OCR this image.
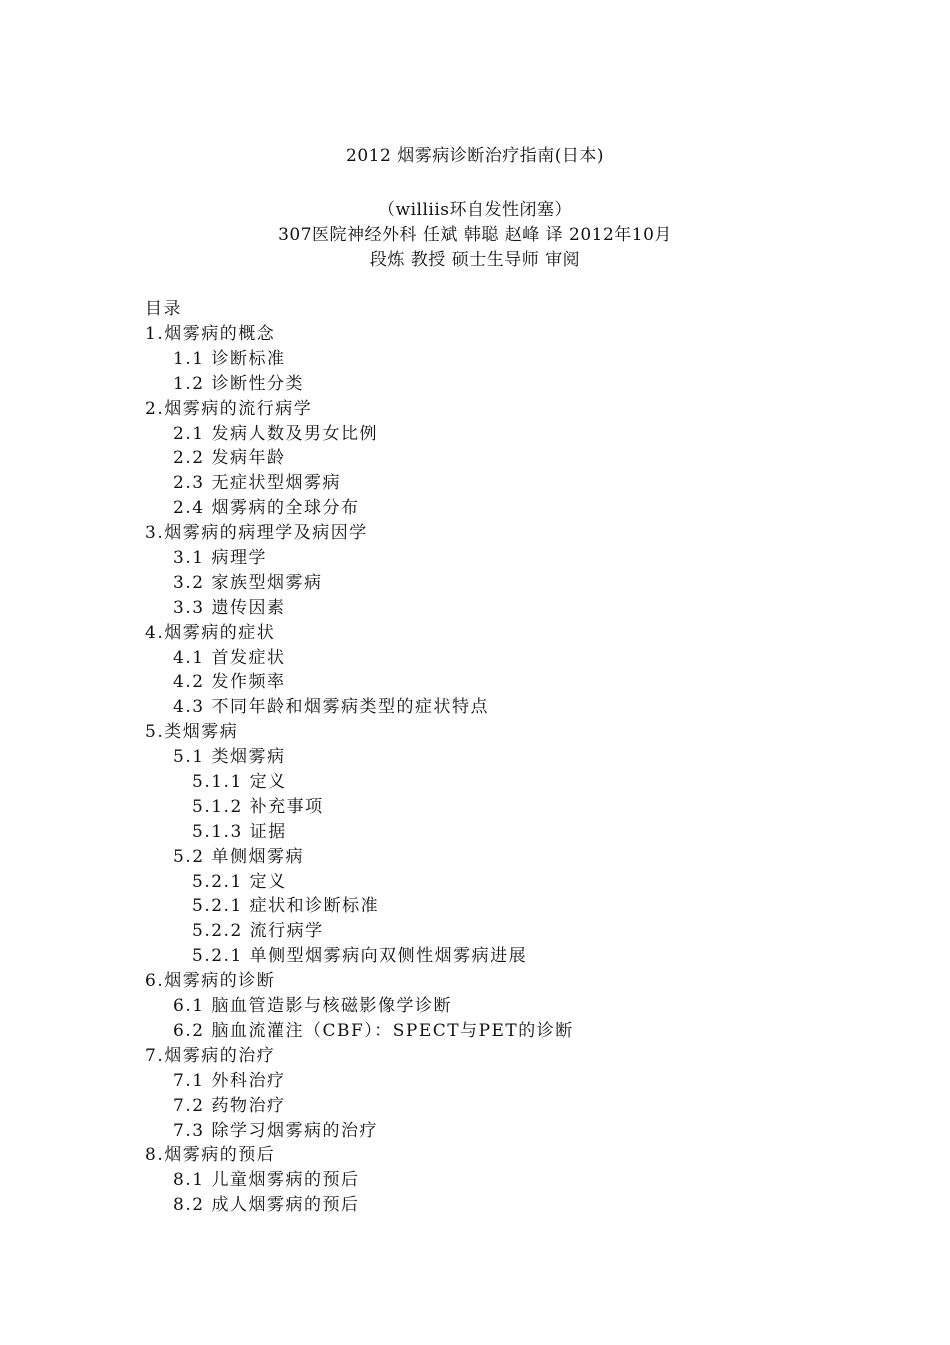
2012 烟雾病诊断治疗指南(日本)
（williis环自发性闭塞）
307医院神经外科 任斌 韩聪 赵峰 译 2012年10月
段炼 教授 硕士生导师 审阅
目录
1.烟雾病的概念
1.1 诊断标准
1.2 诊断性分类
2.烟雾病的流行病学
2.1 发病人数及男女比例
2.2 发病年龄
2.3 无症状型烟雾病
2.4 烟雾病的全球分布
3.烟雾病的病理学及病因学
3.1 病理学
3.2 家族型烟雾病
3.3 遗传因素
4.烟雾病的症状
4.1 首发症状
4.2 发作频率
4.3 不同年龄和烟雾病类型的症状特点
5.类烟雾病
5.1 类烟雾病
5.1.1 定义
5.1.2 补充事项
5.1.3 证据
5.2 单侧烟雾病
5.2.1 定义
5.2.1 症状和诊断标准
5.2.2 流行病学
5.2.1 单侧型烟雾病向双侧性烟雾病进展
6.烟雾病的诊断
6.1 脑血管造影与核磁影像学诊断
6.2 脑血流灌注（CBF）：SPECT与PET的诊断
7.烟雾病的治疗
7.1 外科治疗
7.2 药物治疗
7.3 除学习烟雾病的治疗
8.烟雾病的预后
8.1 儿童烟雾病的预后
8.2 成人烟雾病的预后
